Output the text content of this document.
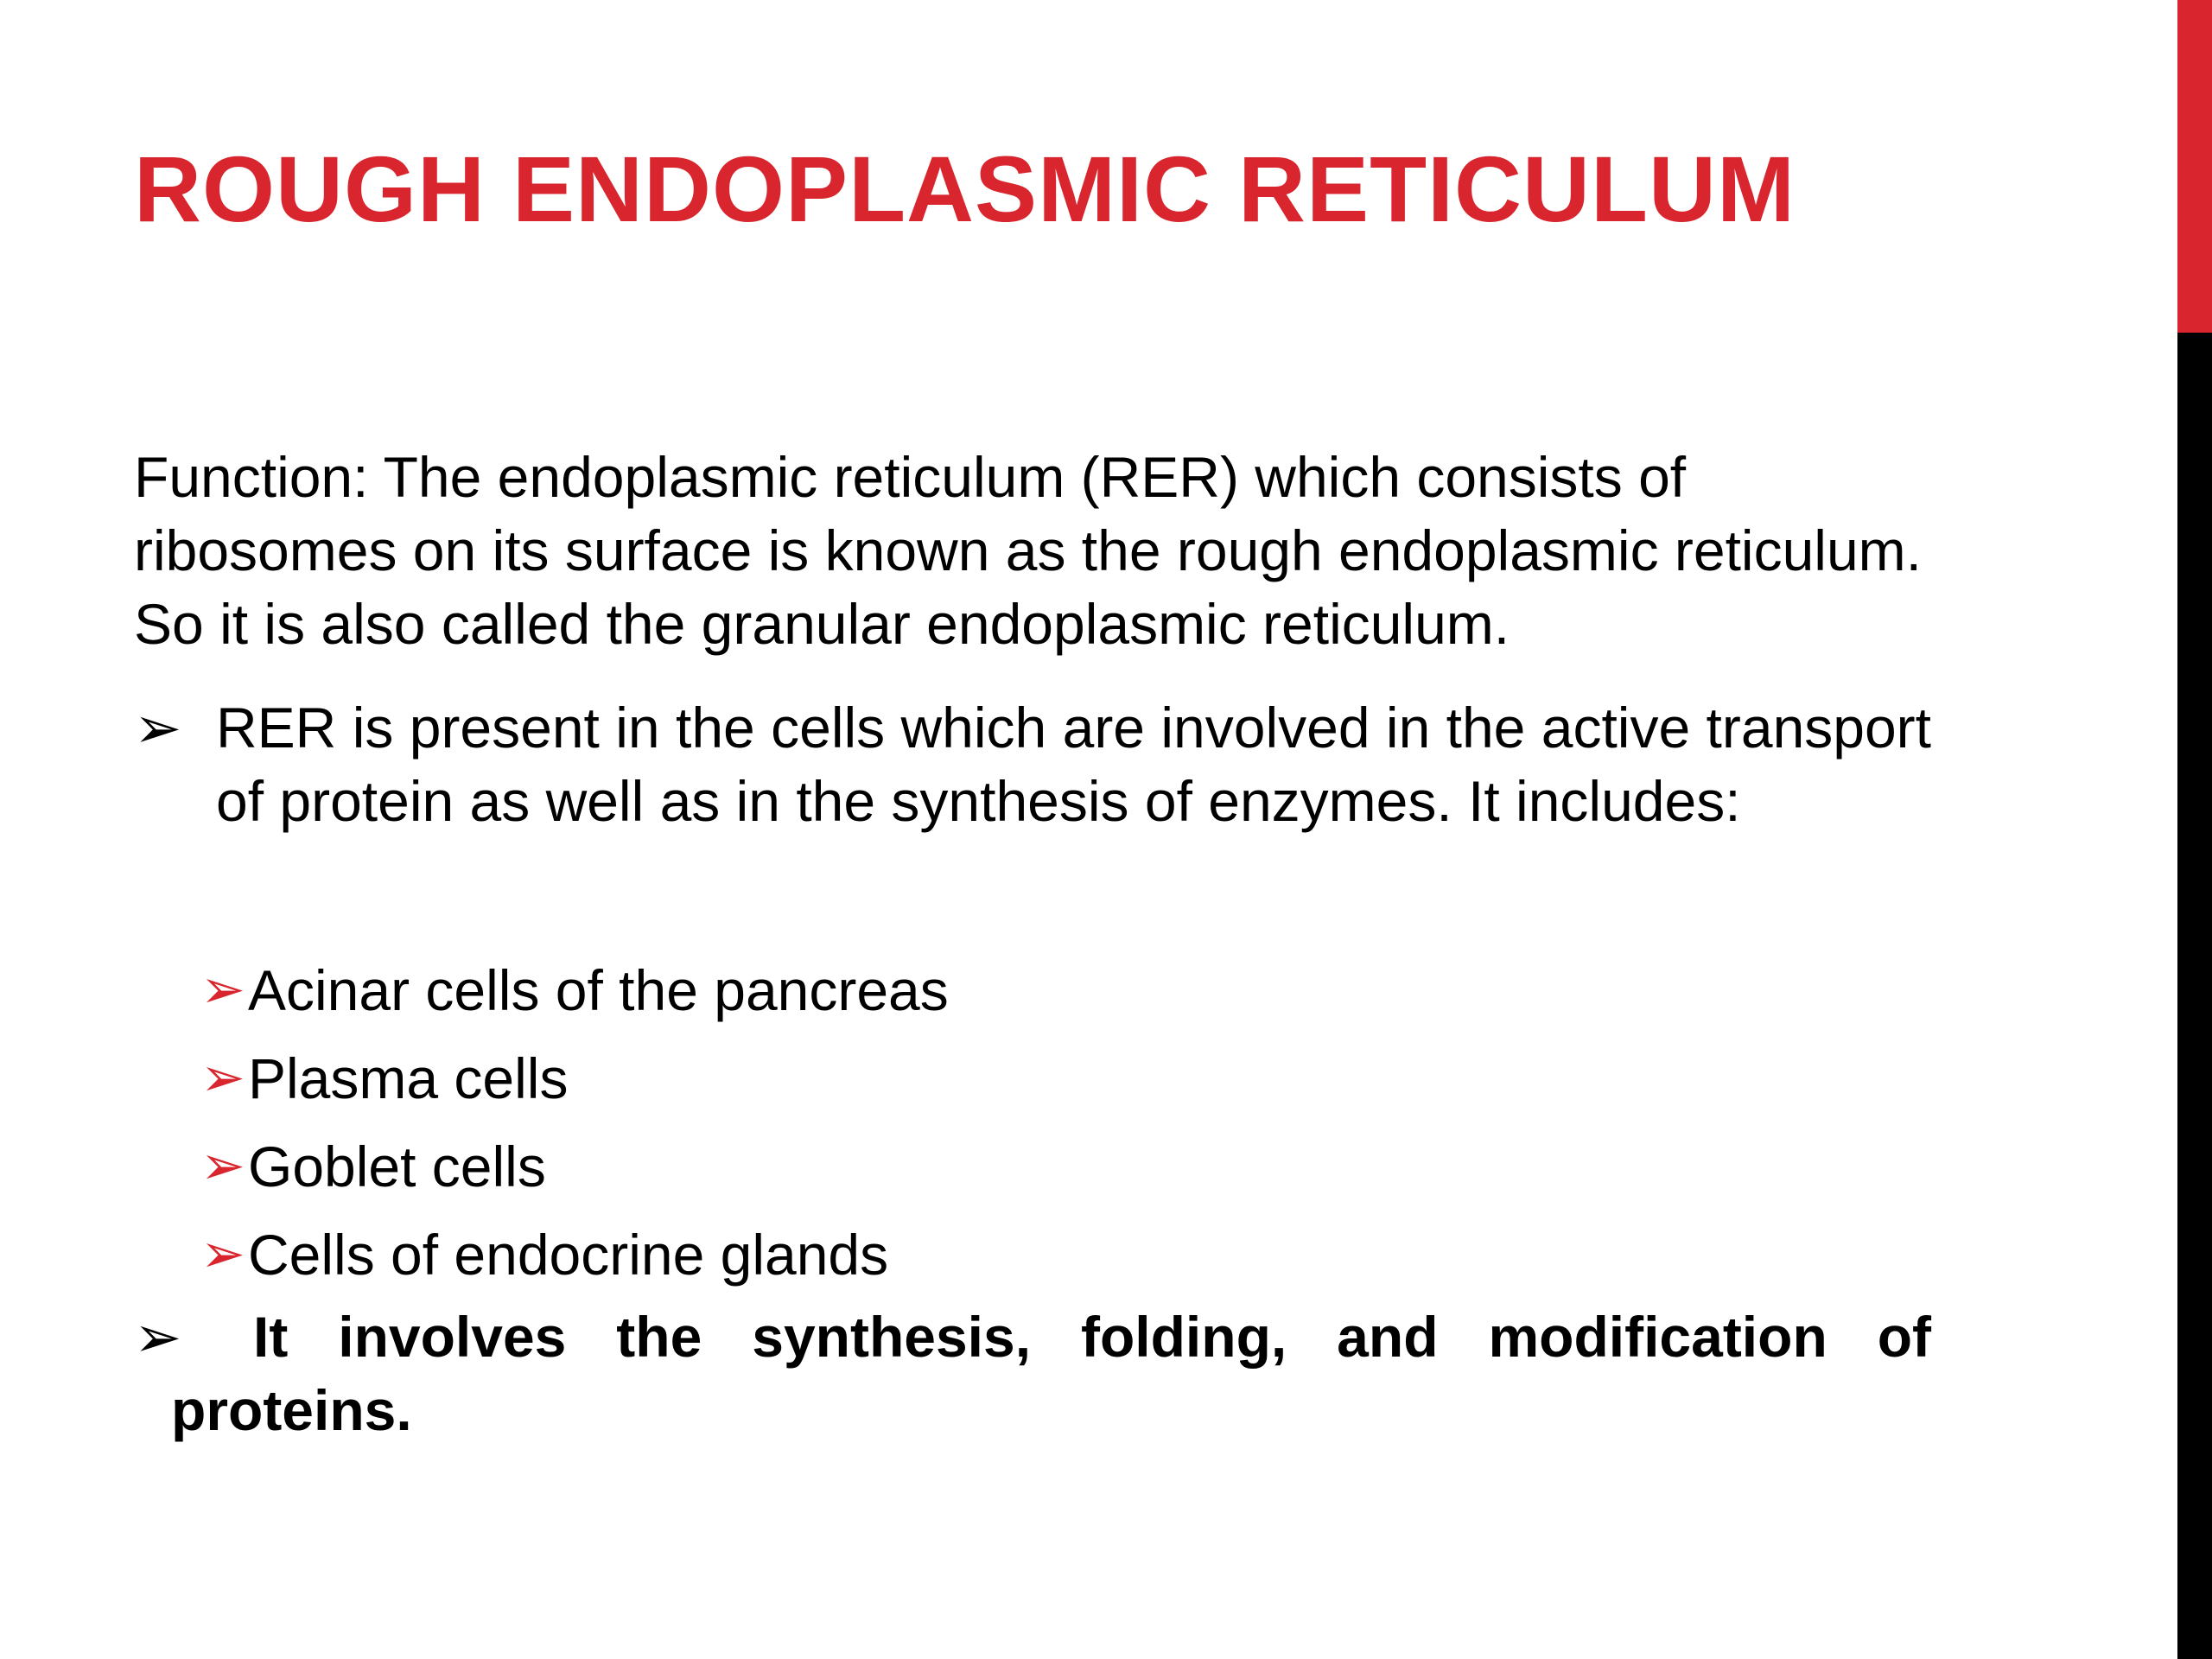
ROUGH ENDOPLASMIC RETICULUM

Function: The endoplasmic reticulum (RER) which consists of ribosomes on its surface is known as the rough endoplasmic reticulum. So it is also called the granular endoplasmic reticulum.

➢ RER is present in the cells which are involved in the active transport of protein as well as in the synthesis of enzymes. It includes:
➢ Acinar cells of the pancreas
➢ Plasma cells
➢ Goblet cells
➢ Cells of endocrine glands
➢	It involves the synthesis, folding, and modification of proteins.
